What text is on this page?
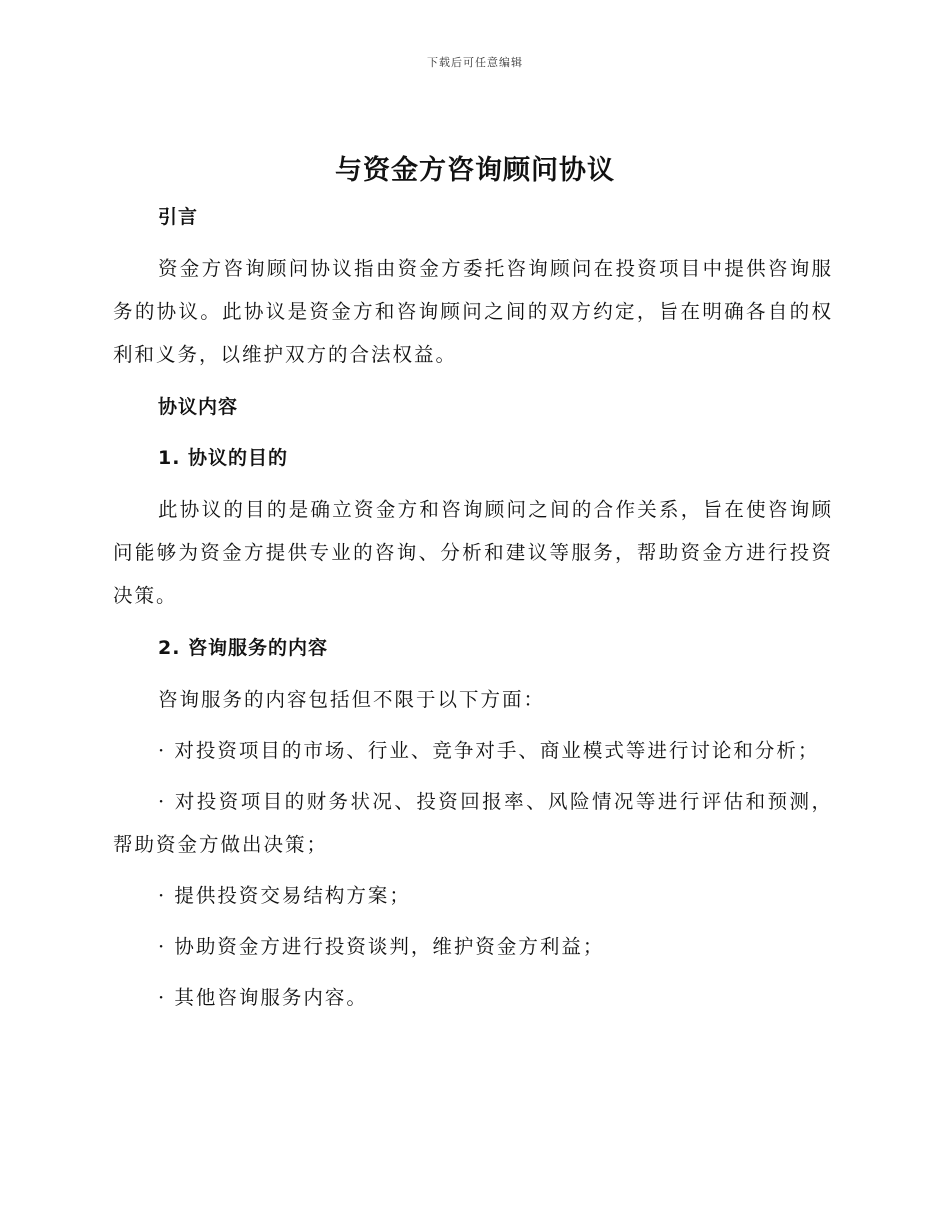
下载后可任意编辑
与资金方咨询顾问协议

引言

资金方咨询顾问协议指由资金方委托咨询顾问在投资项目中提供咨询服务的协议。此协议是资金方和咨询顾问之间的双方约定，旨在明确各自的权利和义务，以维护双方的合法权益。

协议内容

1. 协议的目的

此协议的目的是确立资金方和咨询顾问之间的合作关系，旨在使咨询顾问能够为资金方提供专业的咨询、分析和建议等服务，帮助资金方进行投资决策。

2. 咨询服务的内容

咨询服务的内容包括但不限于以下方面：

· 对投资项目的市场、行业、竞争对手、商业模式等进行讨论和分析；

· 对投资项目的财务状况、投资回报率、风险情况等进行评估和预测，帮助资金方做出决策；

· 提供投资交易结构方案；

· 协助资金方进行投资谈判，维护资金方利益；

· 其他咨询服务内容。
